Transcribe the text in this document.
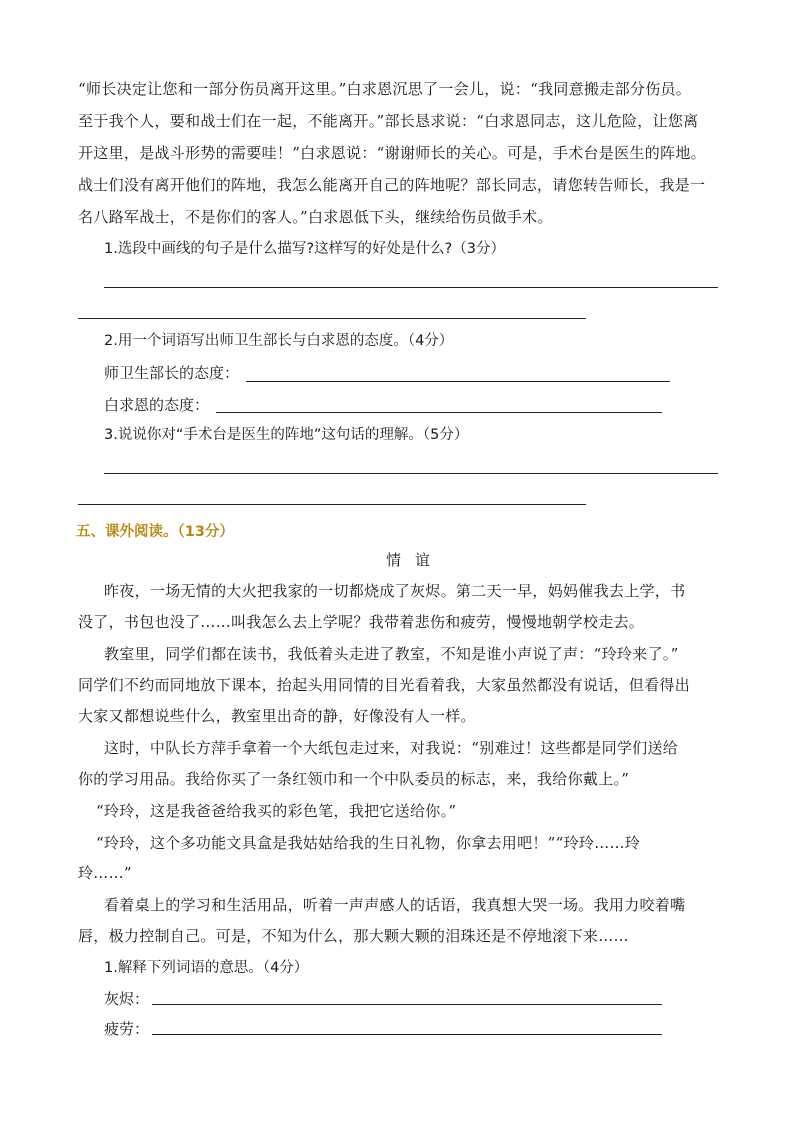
“师长决定让您和一部分伤员离开这里。”白求恩沉思了一会儿，说：“我同意搬走部分伤员。
至于我个人，要和战士们在一起，不能离开。”部长恳求说：“白求恩同志，这儿危险，让您离
开这里，是战斗形势的需要哇！”白求恩说：“谢谢师长的关心。可是，手术台是医生的阵地。
战士们没有离开他们的阵地，我怎么能离开自己的阵地呢？部长同志，请您转告师长，我是一
名八路军战士，不是你们的客人。”白求恩低下头，继续给伤员做手术。
1.选段中画线的句子是什么描写?这样写的好处是什么?（3分）
2.用一个词语写出师卫生部长与白求恩的态度。（4分）
师卫生部长的态度：
白求恩的态度：
3.说说你对“手术台是医生的阵地”这句话的理解。（5分）
五、课外阅读。（13分）
情谊
昨夜，一场无情的大火把我家的一切都烧成了灰烬。第二天一早，妈妈催我去上学，书
没了，书包也没了……叫我怎么去上学呢？我带着悲伤和疲劳，慢慢地朝学校走去。
教室里，同学们都在读书，我低着头走进了教室，不知是谁小声说了声：“玲玲来了。”
同学们不约而同地放下课本，抬起头用同情的目光看着我，大家虽然都没有说话，但看得出
大家又都想说些什么，教室里出奇的静，好像没有人一样。
这时，中队长方萍手拿着一个大纸包走过来，对我说：“别难过！这些都是同学们送给
你的学习用品。我给你买了一条红领巾和一个中队委员的标志，来，我给你戴上。”
“玲玲，这是我爸爸给我买的彩色笔，我把它送给你。”
“玲玲，这个多功能文具盒是我姑姑给我的生日礼物，你拿去用吧！”“玲玲……玲
玲……”
看着桌上的学习和生活用品，听着一声声感人的话语，我真想大哭一场。我用力咬着嘴
唇，极力控制自己。可是，不知为什么，那大颗大颗的泪珠还是不停地滚下来……
1.解释下列词语的意思。（4分）
灰烬：
疲劳：
